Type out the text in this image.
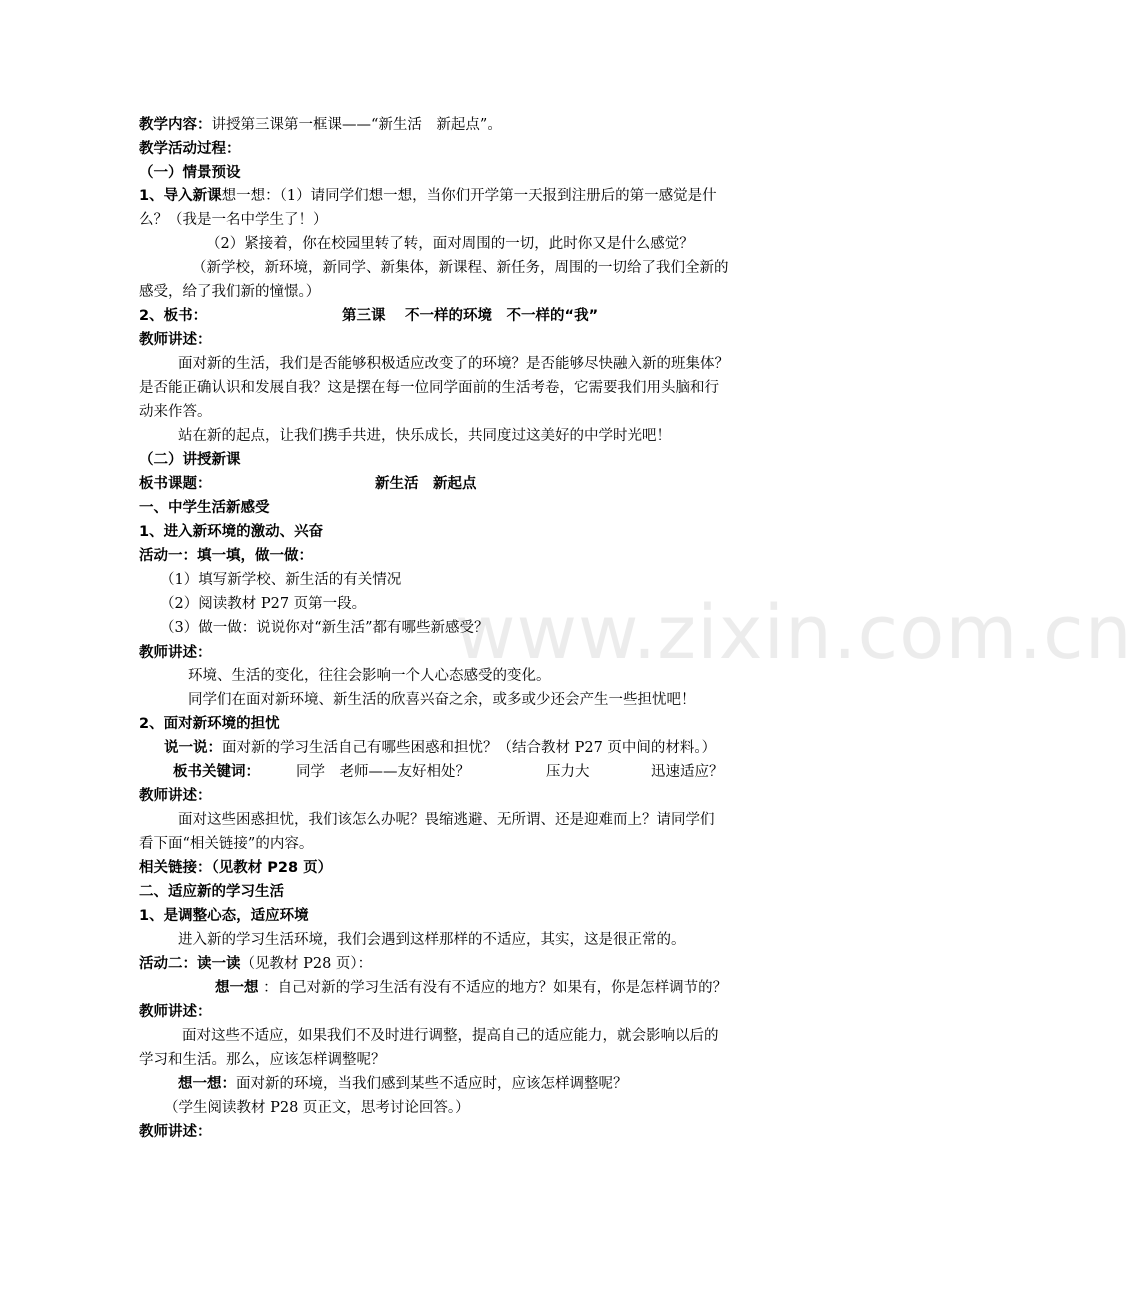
www.zixin.com.cn
教学内容：讲授第三课第一框课——“新生活　新起点”。
教学活动过程：
（一）情景预设
1、导入新课想一想：（1）请同学们想一想，当你们开学第一天报到注册后的第一感觉是什
么？（我是一名中学生了！）
（2）紧接着，你在校园里转了转，面对周围的一切，此时你又是什么感觉？
（新学校，新环境，新同学、新集体，新课程、新任务，周围的一切给了我们全新的
感受，给了我们新的憧憬。）
2、板书：	第三课　 不一样的环境　不一样的“我”
教师讲述：
面对新的生活，我们是否能够积极适应改变了的环境？是否能够尽快融入新的班集体？
是否能正确认识和发展自我？这是摆在每一位同学面前的生活考卷，它需要我们用头脑和行
动来作答。
站在新的起点，让我们携手共进，快乐成长，共同度过这美好的中学时光吧！
（二）讲授新课
板书课题：	新生活　新起点
一、中学生活新感受
1、进入新环境的激动、兴奋
活动一：填一填，做一做：
（1）填写新学校、新生活的有关情况
（2）阅读教材 P27 页第一段。
（3）做一做：说说你对“新生活”都有哪些新感受？
教师讲述：
环境、生活的变化，往往会影响一个人心态感受的变化。
同学们在面对新环境、新生活的欣喜兴奋之余，或多或少还会产生一些担忧吧！
2、面对新环境的担忧
说一说：面对新的学习生活自己有哪些困惑和担忧？（结合教材 P27 页中间的材料。）
板书关键词： 同学　老师——友好相处？	压力大	迅速适应？
教师讲述：
面对这些困惑担忧，我们该怎么办呢？畏缩逃避、无所谓、还是迎难而上？请同学们
看下面“相关链接”的内容。
相关链接：（见教材 P28 页）
二、适应新的学习生活
1、是调整心态，适应环境
进入新的学习生活环境，我们会遇到这样那样的不适应，其实，这是很正常的。
活动二：读一读（见教材 P28 页）：
想一想 ：自己对新的学习生活有没有不适应的地方？如果有，你是怎样调节的？
教师讲述：
面对这些不适应，如果我们不及时进行调整，提高自己的适应能力，就会影响以后的
学习和生活。那么，应该怎样调整呢？
想一想：面对新的环境，当我们感到某些不适应时，应该怎样调整呢？
（学生阅读教材 P28 页正文，思考讨论回答。）
教师讲述：
